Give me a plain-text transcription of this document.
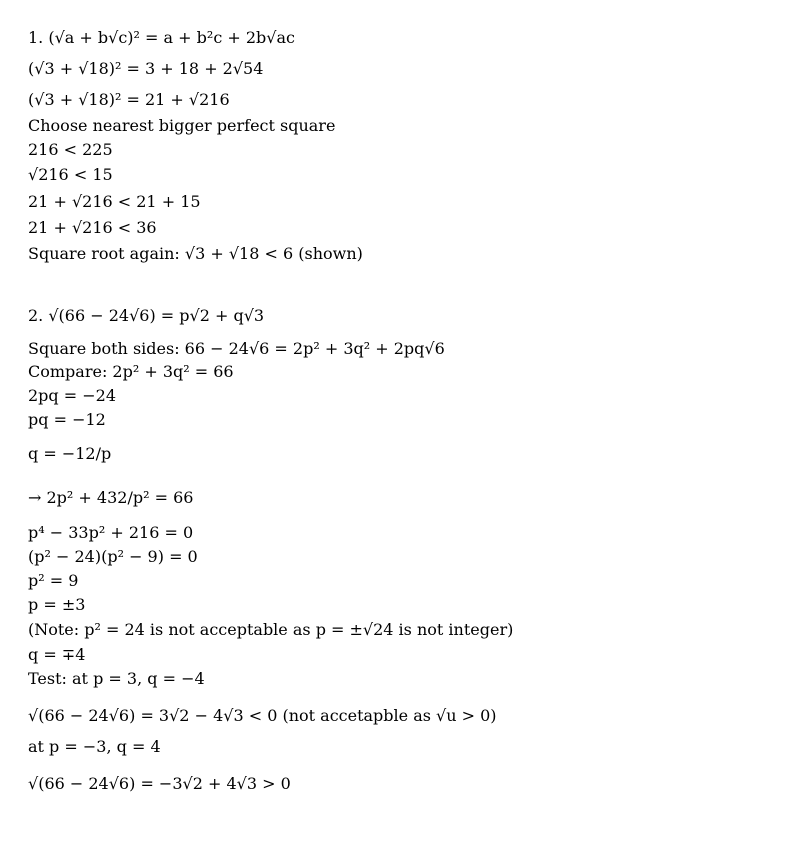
1. (√a + b√c)² = a + b²c + 2b√ac
(√3 + √18)² = 3 + 18 + 2√54
(√3 + √18)² = 21 + √216
Choose nearest bigger perfect square
216 < 225
√216 < 15
21 + √216 < 21 + 15
21 + √216 < 36
Square root again: √3 + √18 < 6 (shown)
2. √(66 − 24√6) = p√2 + q√3
Square both sides: 66 − 24√6 = 2p² + 3q² + 2pq√6
Compare: 2p² + 3q² = 66
2pq = −24
pq = −12
q = −12/p
→ 2p² + 432/p² = 66
p⁴ − 33p² + 216 = 0
(p² − 24)(p² − 9) = 0
p² = 9
p = ±3
(Note: p² = 24 is not acceptable as p = ±√24 is not integer)
q = ∓4
Test: at p = 3, q = −4
√(66 − 24√6) = 3√2 − 4√3 < 0 (not accetapble as √u > 0)
at p = −3, q = 4
√(66 − 24√6) = −3√2 + 4√3 > 0
